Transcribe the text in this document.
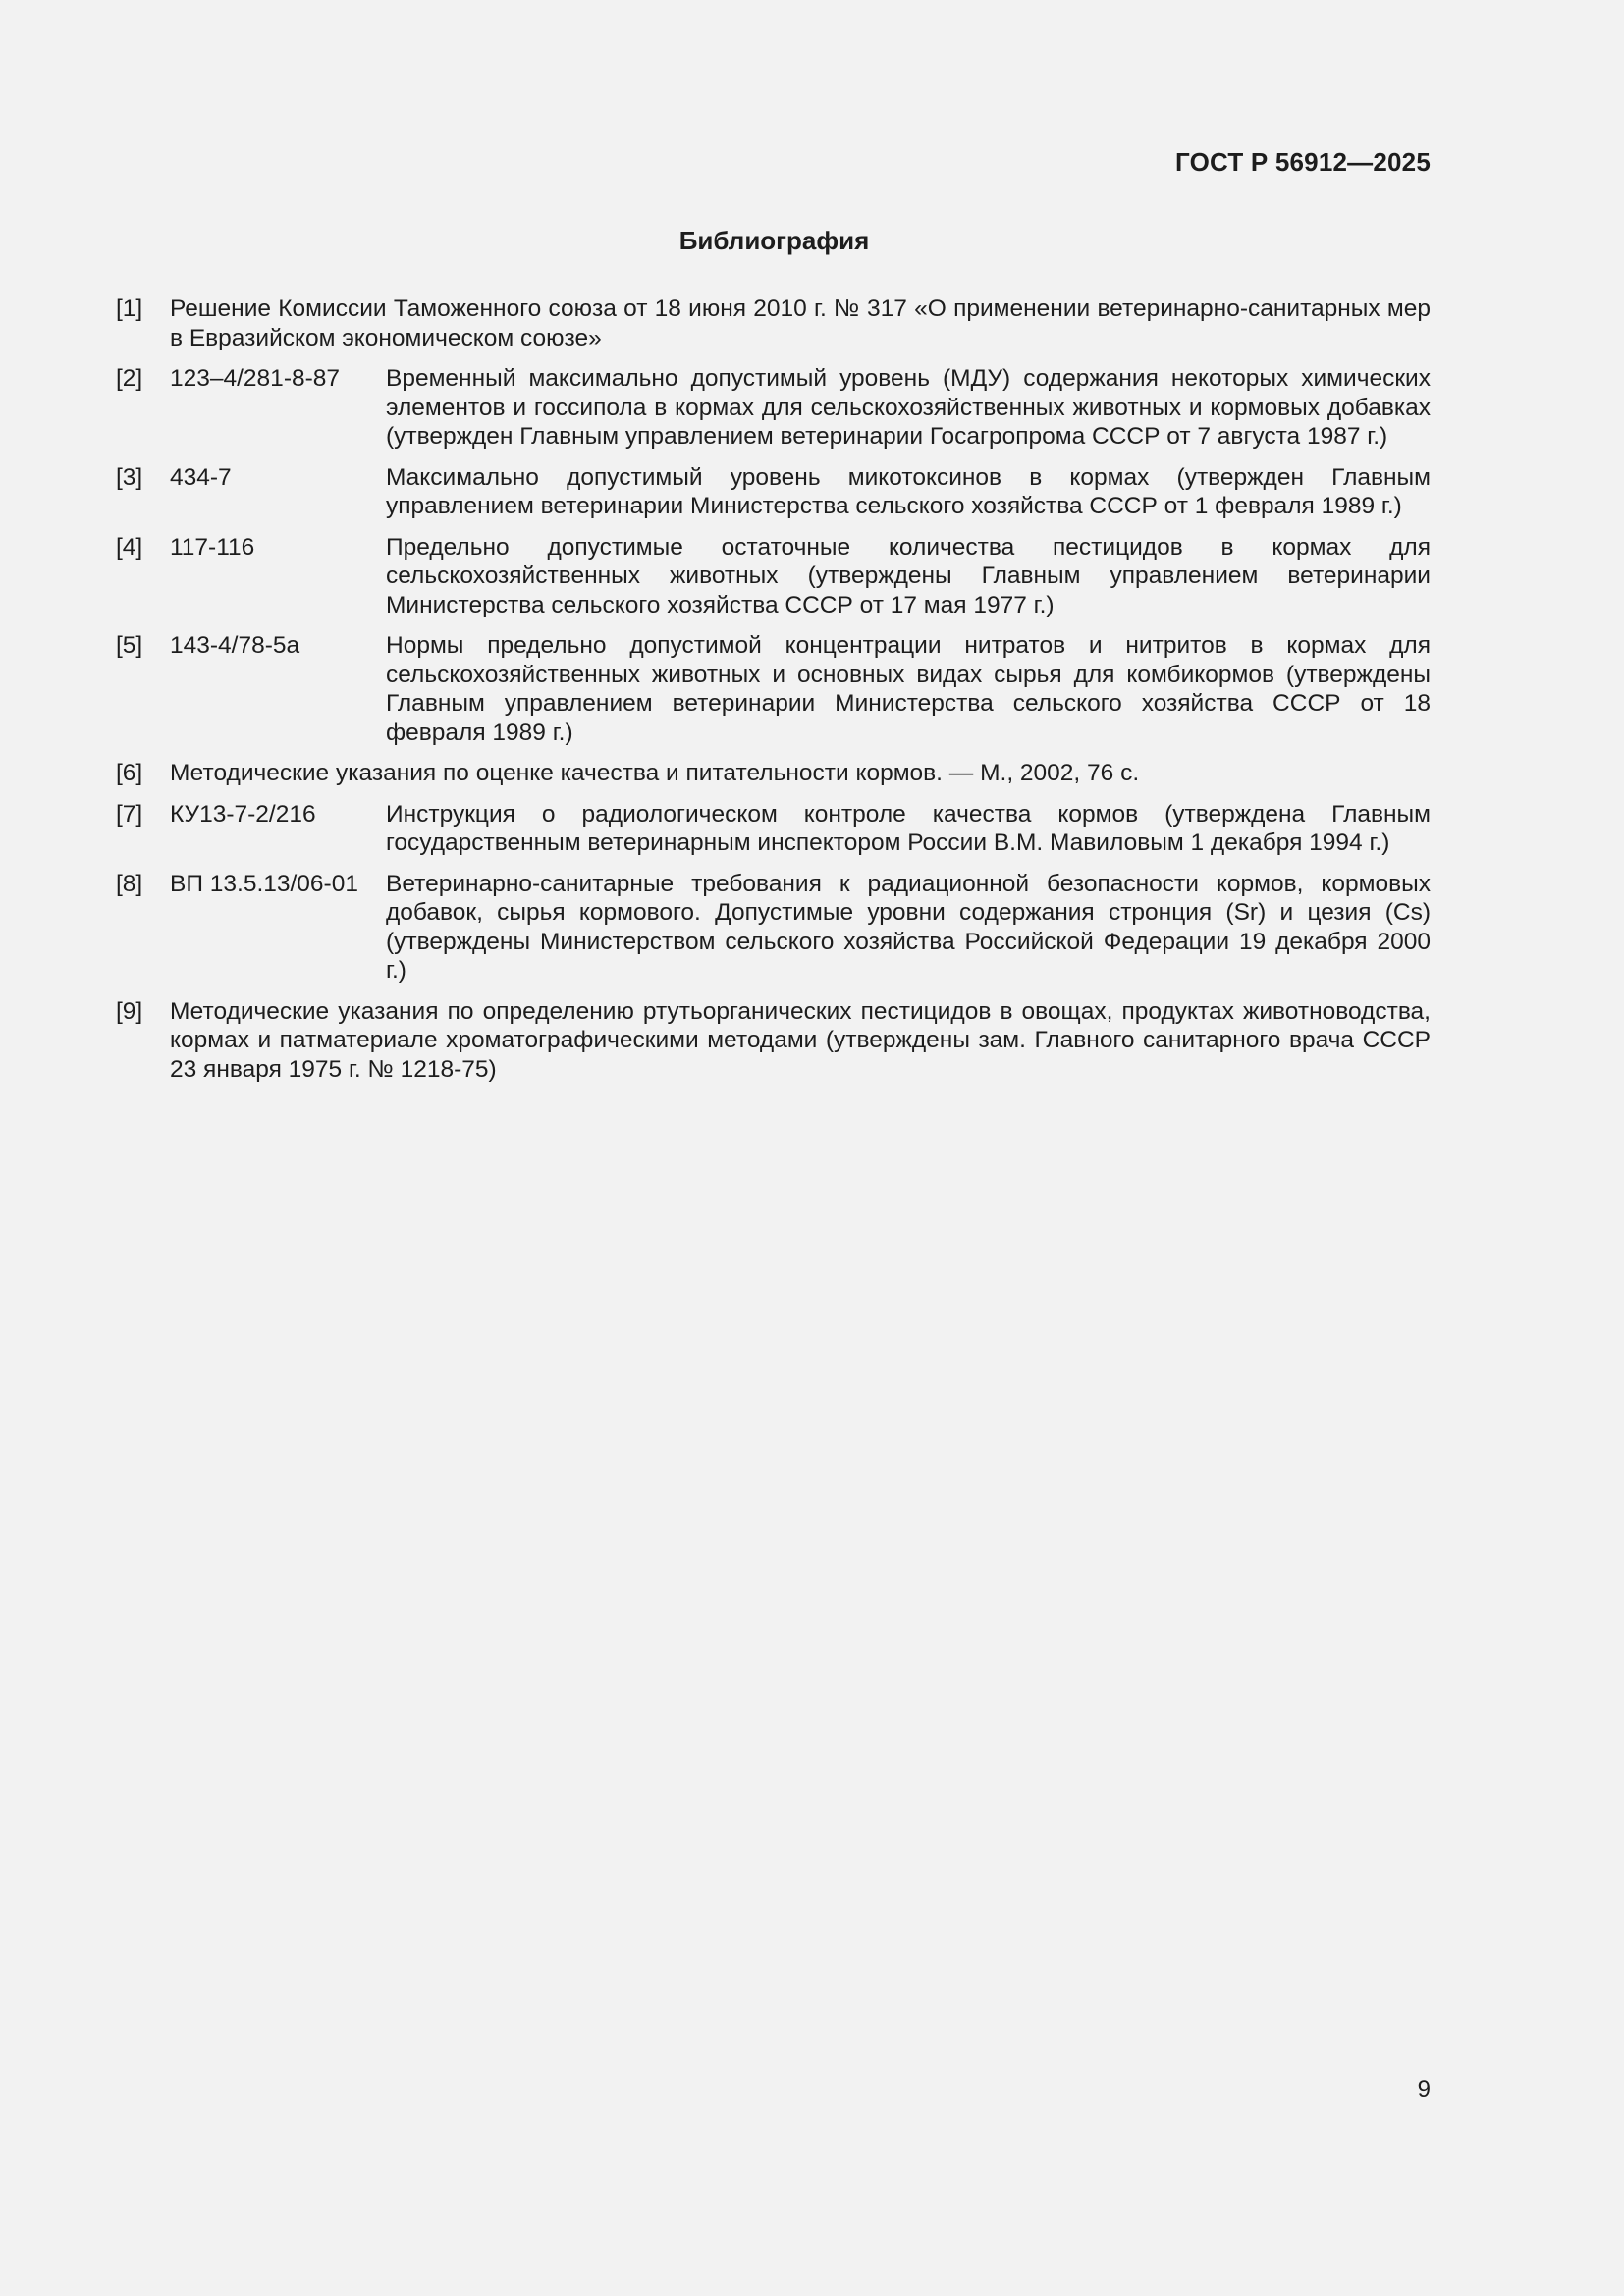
ГОСТ Р 56912—2025
Библиография
[1]	Решение Комиссии Таможенного союза от 18 июня 2010 г. № 317 «О применении ветеринарно-санитарных мер в Евразийском экономическом союзе»
[2]	123–4/281-8-87	Временный максимально допустимый уровень (МДУ) содержания некоторых химических элементов и госсипола в кормах для сельскохозяйственных животных и кормовых добавках (утвержден Главным управлением ветеринарии Госагропрома СССР от 7 августа 1987 г.)
[3]	434-7	Максимально допустимый уровень микотоксинов в кормах (утвержден Главным управлением ветеринарии Министерства сельского хозяйства СССР от 1 февраля 1989 г.)
[4]	117-116	Предельно допустимые остаточные количества пестицидов в кормах для сельскохозяйственных животных (утверждены Главным управлением ветеринарии Министерства сельского хозяйства СССР от 17 мая 1977 г.)
[5]	143-4/78-5а	Нормы предельно допустимой концентрации нитратов и нитритов в кормах для сельскохозяйственных животных и основных видах сырья для комбикормов (утверждены Главным управлением ветеринарии Министерства сельского хозяйства СССР от 18 февраля 1989 г.)
[6]	Методические указания по оценке качества и питательности кормов. — М., 2002, 76 с.
[7]	КУ13-7-2/216	Инструкция о радиологическом контроле качества кормов (утверждена Главным государственным ветеринарным инспектором России В.М. Мавиловым 1 декабря 1994 г.)
[8]	ВП 13.5.13/06-01	Ветеринарно-санитарные требования к радиационной безопасности кормов, кормовых добавок, сырья кормового. Допустимые уровни содержания стронция (Sr) и цезия (Cs) (утверждены Министерством сельского хозяйства Российской Федерации 19 декабря 2000 г.)
[9]	Методические указания по определению ртутьорганических пестицидов в овощах, продуктах животноводства, кормах и патматериале хроматографическими методами (утверждены зам. Главного санитарного врача СССР 23 января 1975 г. № 1218-75)
9
